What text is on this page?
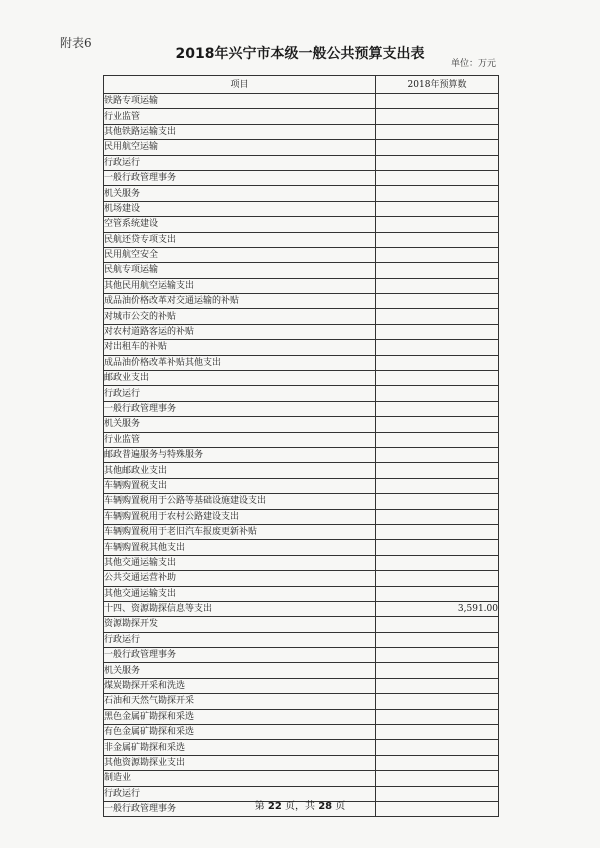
附表6
2018年兴宁市本级一般公共预算支出表
单位：万元
项目	2018年预算数
铁路专项运输	
行业监管	
其他铁路运输支出	
民用航空运输	
行政运行	
一般行政管理事务	
机关服务	
机场建设	
空管系统建设	
民航还贷专项支出	
民用航空安全	
民航专项运输	
其他民用航空运输支出	
成品油价格改革对交通运输的补贴	
对城市公交的补贴	
对农村道路客运的补贴	
对出租车的补贴	
成品油价格改革补贴其他支出	
邮政业支出	
行政运行	
一般行政管理事务	
机关服务	
行业监管	
邮政普遍服务与特殊服务	
其他邮政业支出	
车辆购置税支出	
车辆购置税用于公路等基础设施建设支出	
车辆购置税用于农村公路建设支出	
车辆购置税用于老旧汽车报废更新补贴	
车辆购置税其他支出	
其他交通运输支出	
公共交通运营补助	
其他交通运输支出	
十四、资源勘探信息等支出	3,591.00
资源勘探开发	
行政运行	
一般行政管理事务	
机关服务	
煤炭勘探开采和洗选	
石油和天然气勘探开采	
黑色金属矿勘探和采选	
有色金属矿勘探和采选	
非金属矿勘探和采选	
其他资源勘探业支出	
制造业	
行政运行	
一般行政管理事务		第 22 页，共 28 页
